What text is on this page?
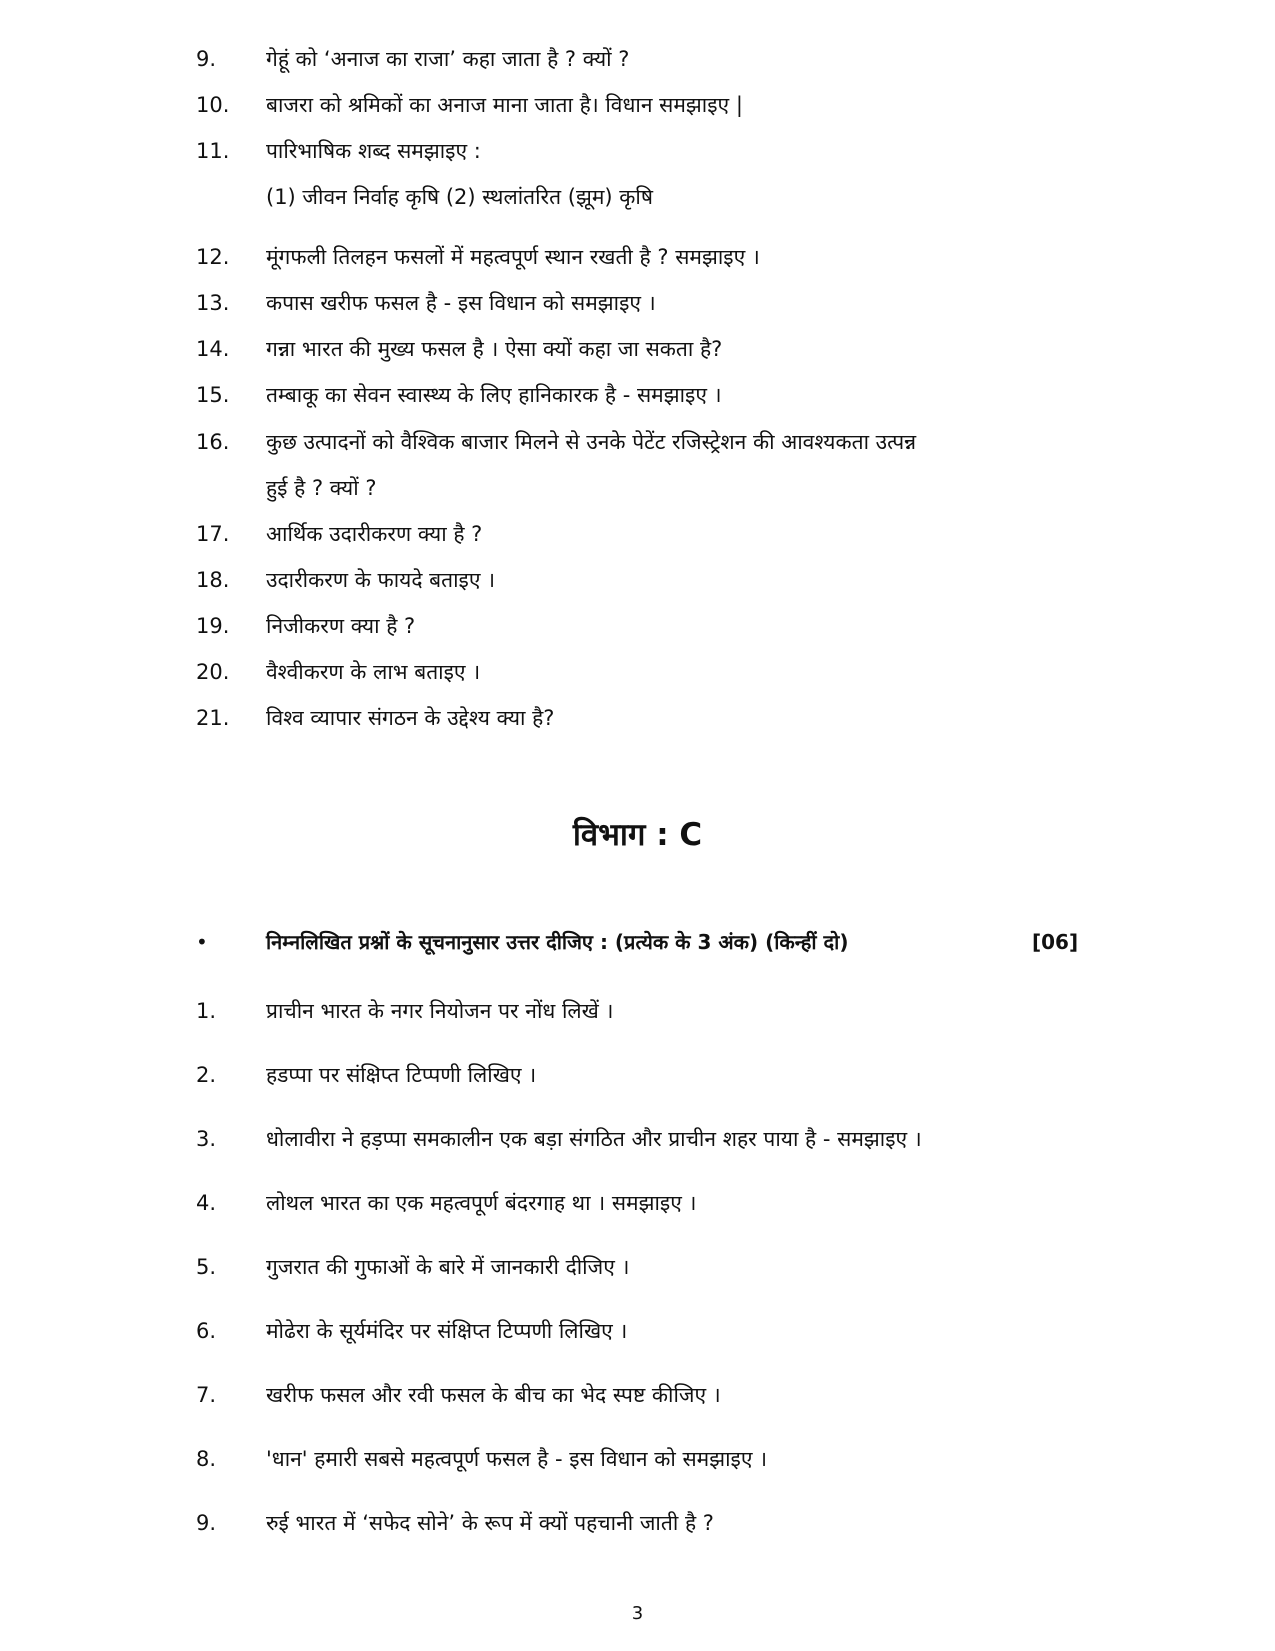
9.	गेहूं को ‘अनाज का राजा’ कहा जाता है ? क्यों ?
10.	बाजरा को श्रमिकों का अनाज माना जाता है। विधान समझाइए |
11.	पारिभाषिक शब्द समझाइए :
(1) जीवन निर्वाह कृषि (2) स्थलांतरित (झूम) कृषि
12.	मूंगफली तिलहन फसलों में महत्वपूर्ण स्थान रखती है ? समझाइए ।
13.	कपास खरीफ फसल है - इस विधान को समझाइए ।
14.	गन्ना भारत की मुख्य फसल है । ऐसा क्यों कहा जा सकता है?
15.	तम्बाकू का सेवन स्वास्थ्य के लिए हानिकारक है - समझाइए ।
16.	कुछ उत्पादनों को वैश्विक बाजार मिलने से उनके पेटेंट रजिस्ट्रेशन की आवश्यकता उत्पन्न
हुई है ? क्यों ?
17.	आर्थिक उदारीकरण क्या है ?
18.	उदारीकरण के फायदे बताइए ।
19.	निजीकरण क्या है ?
20.	वैश्वीकरण के लाभ बताइए ।
21.	विश्व व्यापार संगठन के उद्देश्य क्या है?
विभाग : C
•	निम्नलिखित प्रश्नों के सूचनानुसार उत्तर दीजिए : (प्रत्येक के 3 अंक) (किन्हीं दो)	[06]
1.	प्राचीन भारत के नगर नियोजन पर नोंध लिखें ।
2.	हडप्पा पर संक्षिप्त टिप्पणी लिखिए ।
3.	धोलावीरा ने हड़प्पा समकालीन एक बड़ा संगठित और प्राचीन शहर पाया है - समझाइए ।
4.	लोथल भारत का एक महत्वपूर्ण बंदरगाह था । समझाइए ।
5.	गुजरात की गुफाओं के बारे में जानकारी दीजिए ।
6.	मोढेरा के सूर्यमंदिर पर संक्षिप्त टिप्पणी लिखिए ।
7.	खरीफ फसल और रवी फसल के बीच का भेद स्पष्ट कीजिए ।
8.	'धान' हमारी सबसे महत्वपूर्ण फसल है - इस विधान को समझाइए ।
9.	रुई भारत में ‘सफेद सोने’ के रूप में क्यों पहचानी जाती है ?
3
